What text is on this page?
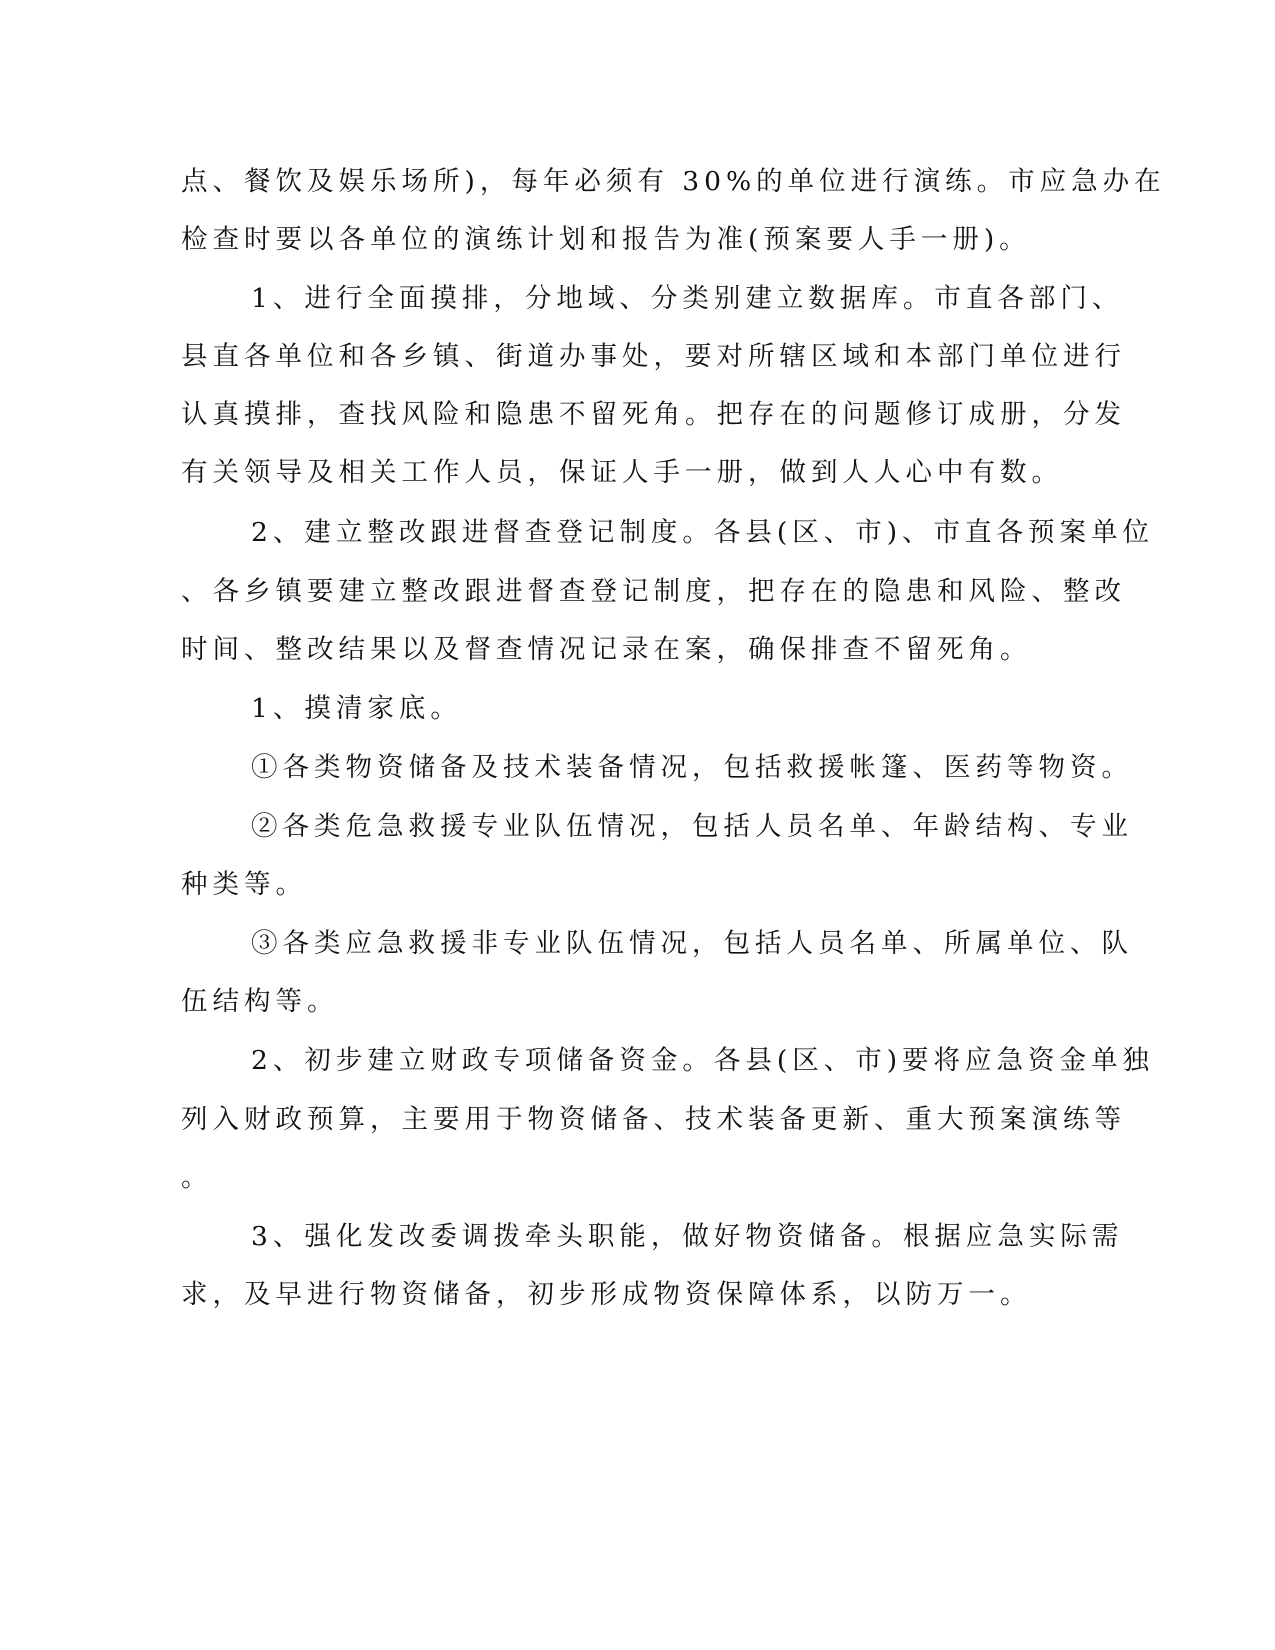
点、餐饮及娱乐场所)，每年必须有 30%的单位进行演练。市应急办在
检查时要以各单位的演练计划和报告为准(预案要人手一册)。
1、进行全面摸排，分地域、分类别建立数据库。市直各部门、
县直各单位和各乡镇、街道办事处，要对所辖区域和本部门单位进行
认真摸排，查找风险和隐患不留死角。把存在的问题修订成册，分发
有关领导及相关工作人员，保证人手一册，做到人人心中有数。
2、建立整改跟进督查登记制度。各县(区、市)、市直各预案单位
、各乡镇要建立整改跟进督查登记制度，把存在的隐患和风险、整改
时间、整改结果以及督查情况记录在案，确保排查不留死角。
1、摸清家底。
①各类物资储备及技术装备情况，包括救援帐篷、医药等物资。
②各类危急救援专业队伍情况，包括人员名单、年龄结构、专业
种类等。
③各类应急救援非专业队伍情况，包括人员名单、所属单位、队
伍结构等。
2、初步建立财政专项储备资金。各县(区、市)要将应急资金单独
列入财政预算，主要用于物资储备、技术装备更新、重大预案演练等
。
3、强化发改委调拨牵头职能，做好物资储备。根据应急实际需
求，及早进行物资储备，初步形成物资保障体系，以防万一。
